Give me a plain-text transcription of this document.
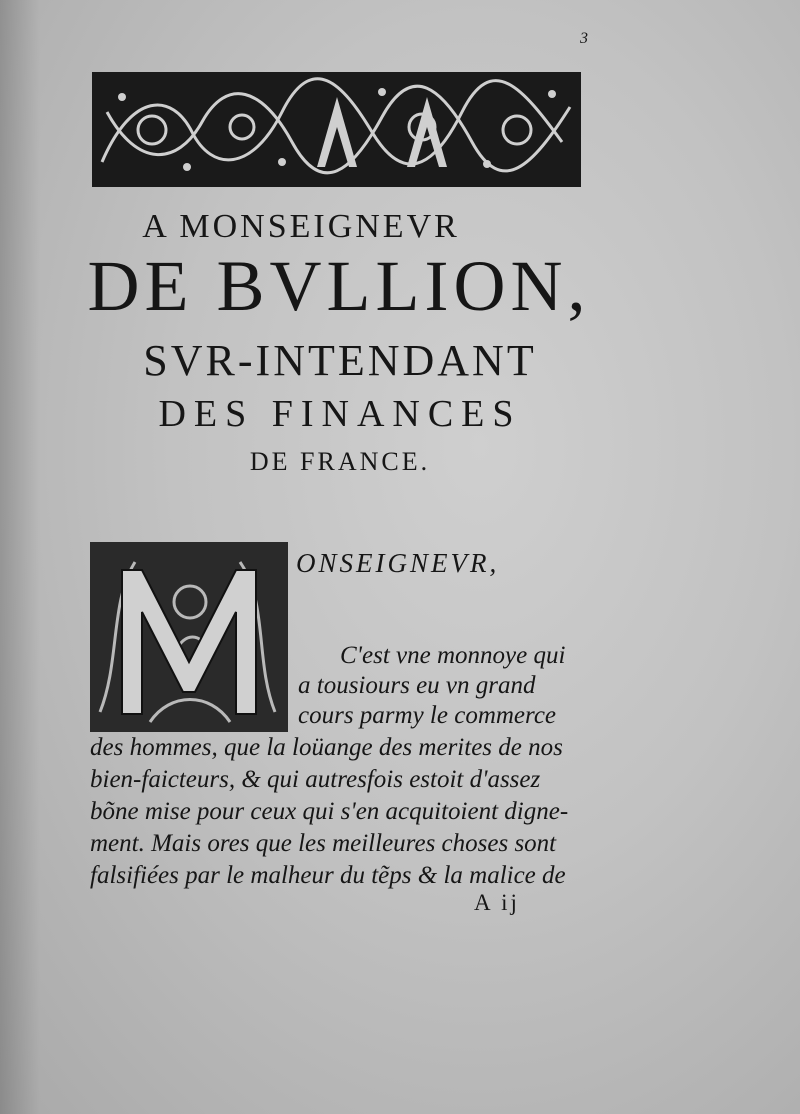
3
A MONSEIGNEVR
DE BVLLION,
SVR-INTENDANT
DES FINANCES
DE FRANCE.
ONSEIGNEVR,
C'est vne monnoye qui
a tousiours eu vn grand
cours parmy le commerce
des hommes, que la loüange des merites de nos
bien-faicteurs, & qui autresfois estoit d'assez
bõne mise pour ceux qui s'en acquitoient digne-
ment. Mais ores que les meilleures choses sont
falsifiées par le malheur du tẽps & la malice de
A ij
